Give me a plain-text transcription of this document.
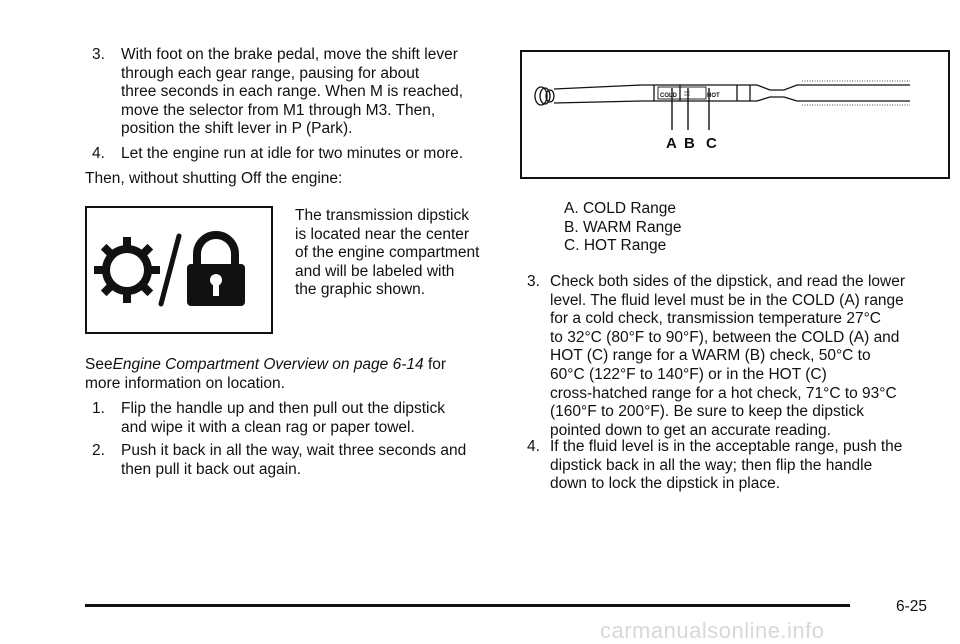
3. With foot on the brake pedal, move the shift lever
through each gear range, pausing for about
three seconds in each range. When M is reached,
move the selector from M1 through M3. Then,
position the shift lever in P (Park).
4. Let the engine run at idle for two minutes or more.
Then, without shutting Off the engine:
The transmission dipstick
is located near the center
of the engine compartment
and will be labeled with
the graphic shown.
SeeEngine Compartment Overview on page 6-14 for
more information on location.
1. Flip the handle up and then pull out the dipstick
and wipe it with a clean rag or paper towel.
2. Push it back in all the way, wait three seconds and
then pull it back out again.
COLD	HOT
A B C
A. COLD Range
B. WARM Range
C. HOT Range
3. Check both sides of the dipstick, and read the lower
level. The fluid level must be in the COLD (A) range
for a cold check, transmission temperature 27°C
to 32°C (80°F to 90°F), between the COLD (A) and
HOT (C) range for a WARM (B) check, 50°C to
60°C (122°F to 140°F) or in the HOT (C)
cross-hatched range for a hot check, 71°C to 93°C
(160°F to 200°F). Be sure to keep the dipstick
pointed down to get an accurate reading.
4. If the fluid level is in the acceptable range, push the
dipstick back in all the way; then flip the handle
down to lock the dipstick in place.
6-25
carmanualsonline.info
